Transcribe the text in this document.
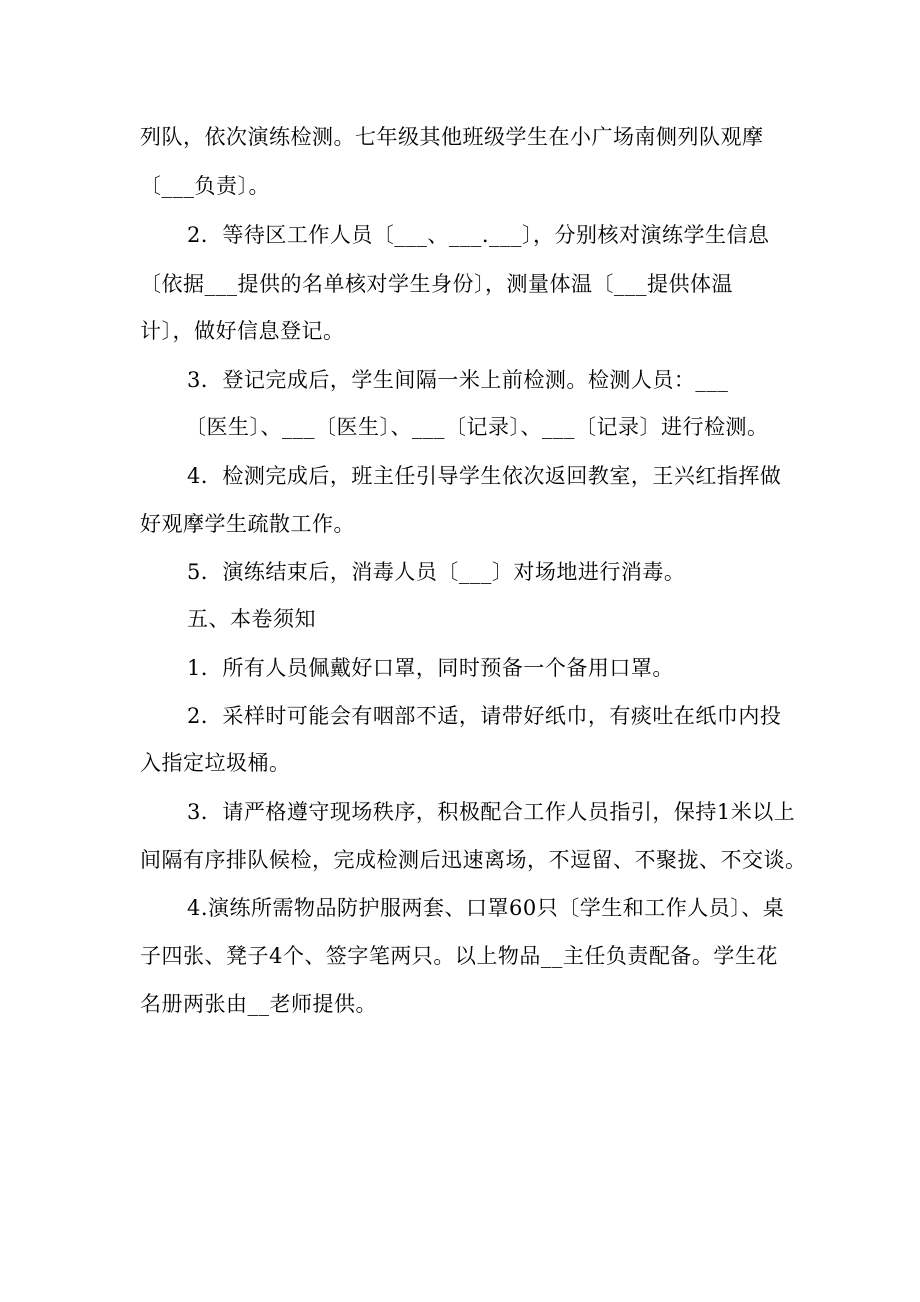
列队，依次演练检测。七年级其他班级学生在小广场南侧列队观摩
〔___负责〕。
2．等待区工作人员〔___、___.___〕，分别核对演练学生信息
〔依据___提供的名单核对学生身份〕，测量体温〔___提供体温
计〕，做好信息登记。
3．登记完成后，学生间隔一米上前检测。检测人员：___
〔医生〕、___〔医生〕、___〔记录〕、___〔记录〕进行检测。
4．检测完成后，班主任引导学生依次返回教室，王兴红指挥做
好观摩学生疏散工作。
5．演练结束后，消毒人员〔___〕对场地进行消毒。
五、本卷须知
1．所有人员佩戴好口罩，同时预备一个备用口罩。
2．采样时可能会有咽部不适，请带好纸巾，有痰吐在纸巾内投
入指定垃圾桶。
3．请严格遵守现场秩序，积极配合工作人员指引，保持1米以上
间隔有序排队候检，完成检测后迅速离场，不逗留、不聚拢、不交谈。
4.演练所需物品防护服两套、口罩60只〔学生和工作人员〕、桌
子四张、凳子4个、签字笔两只。以上物品__主任负责配备。学生花
名册两张由__老师提供。
